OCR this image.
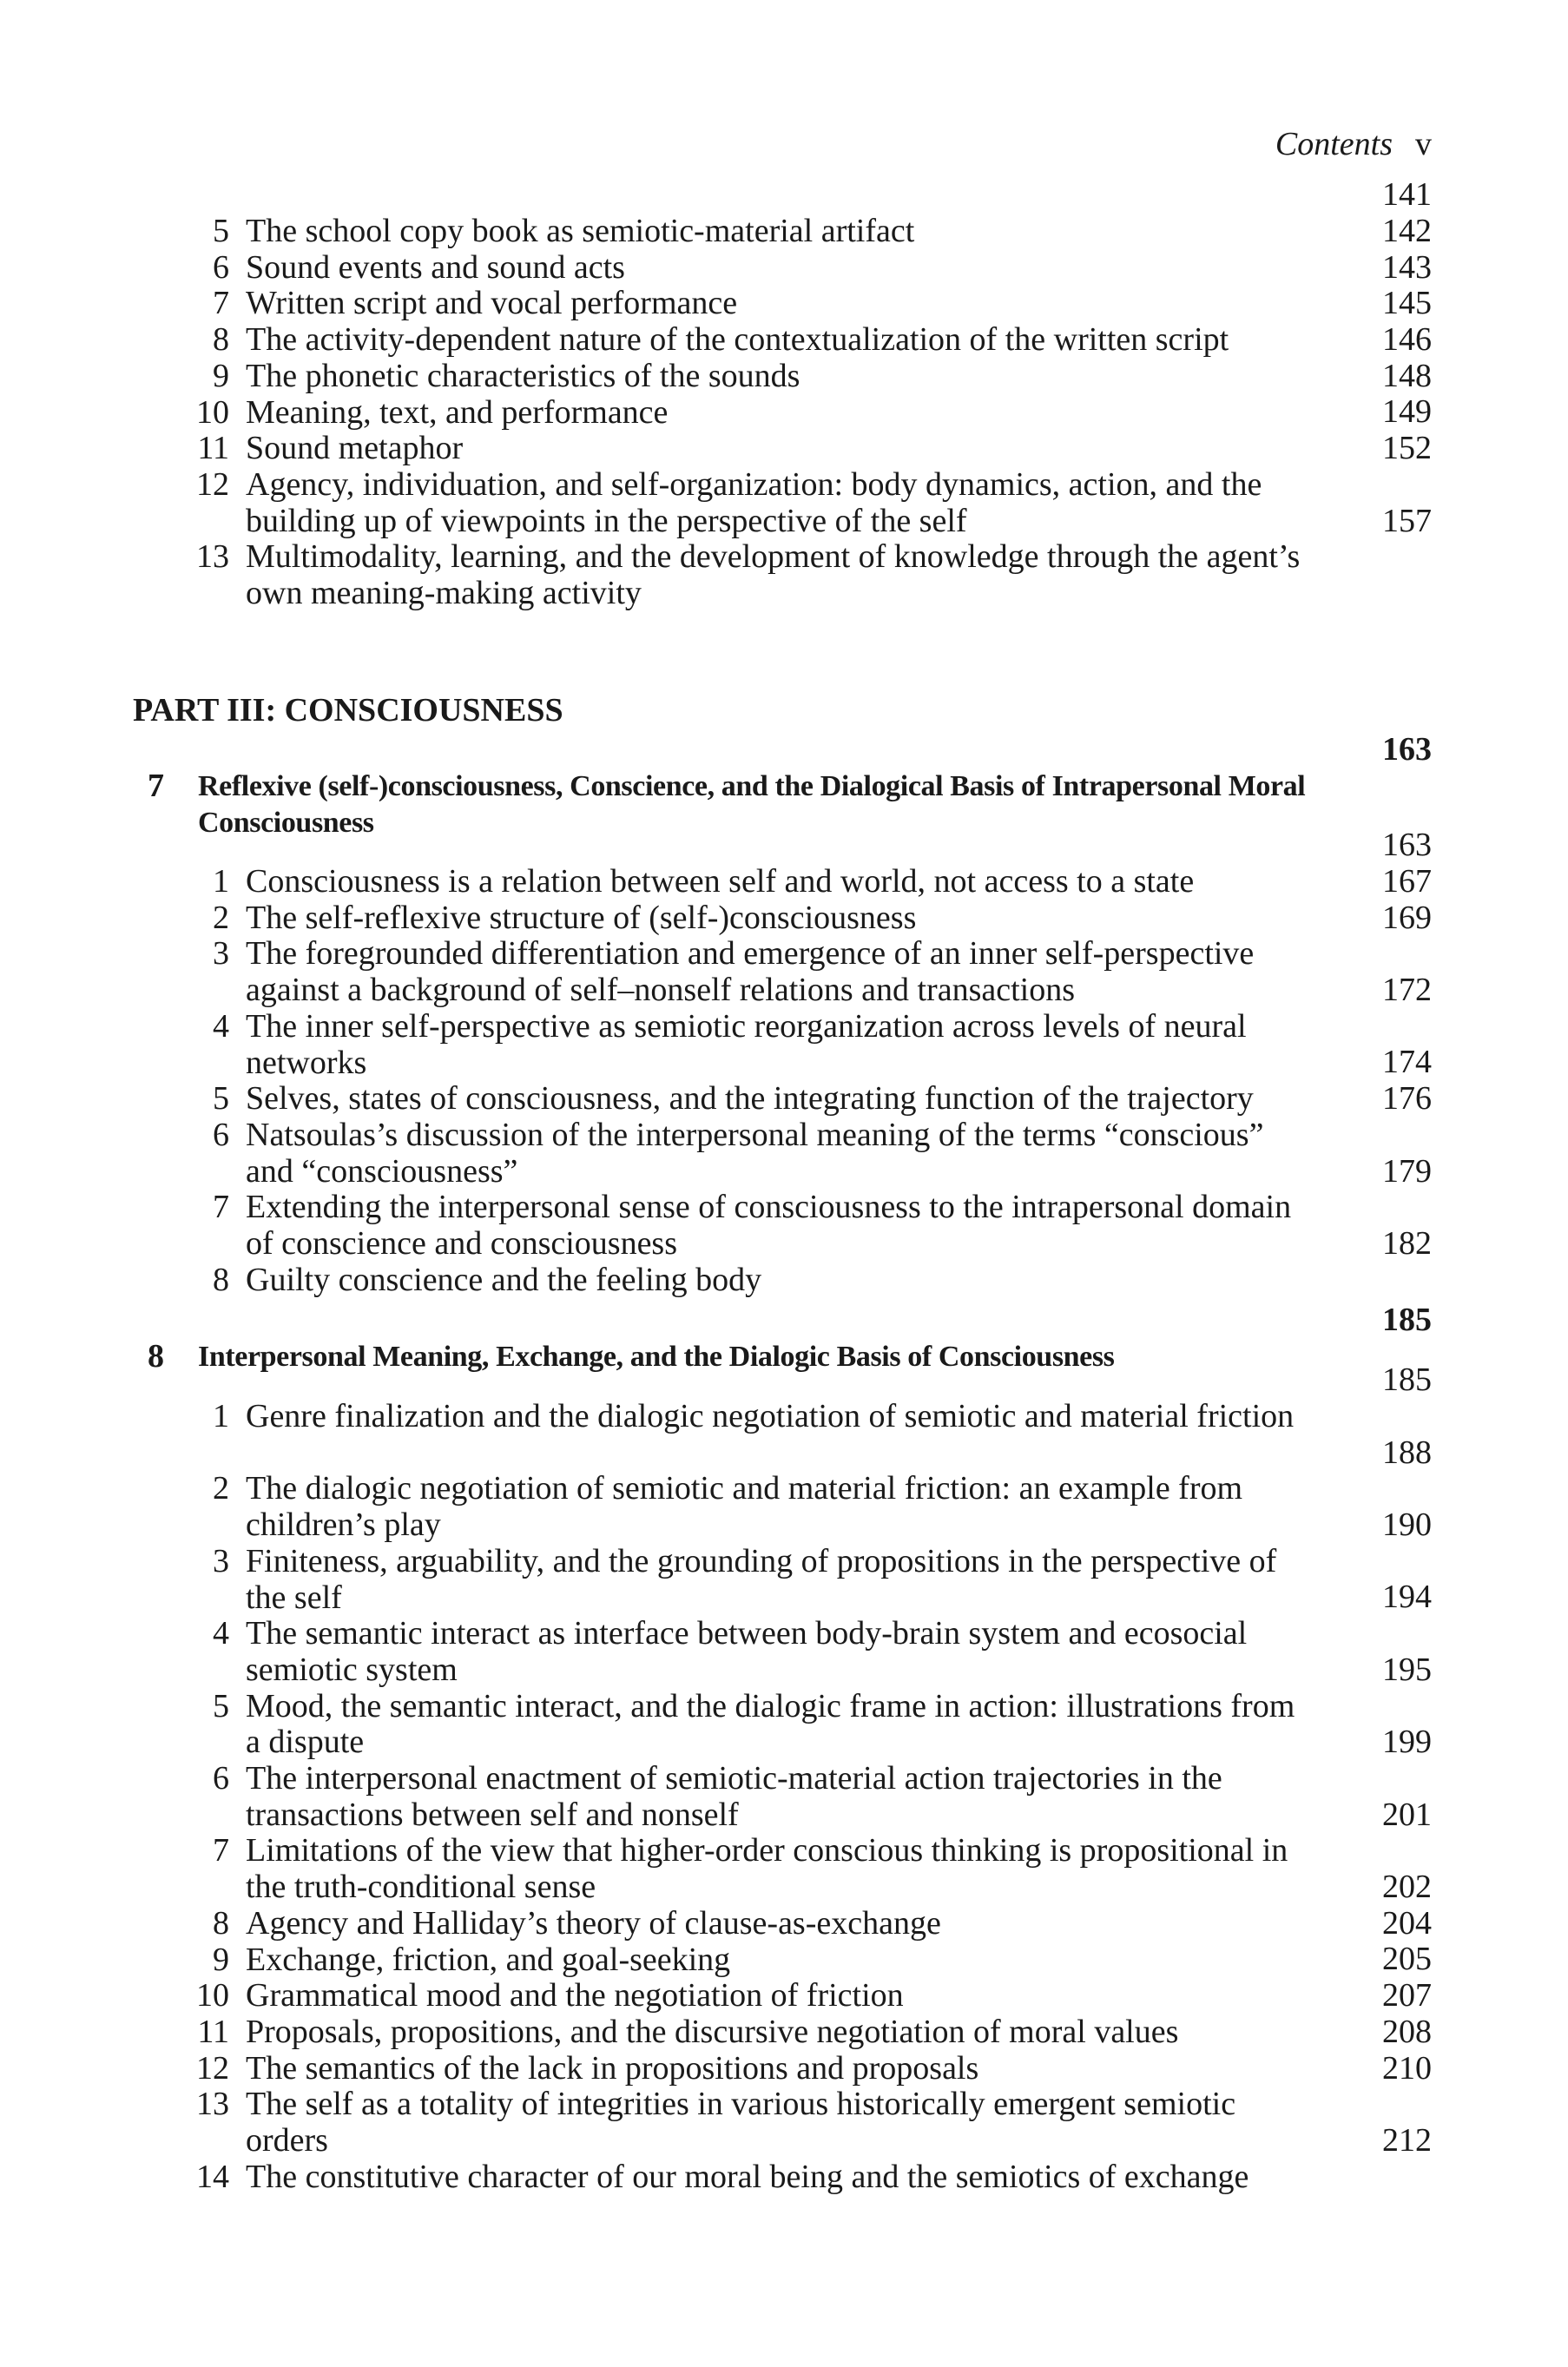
Contents v
5 The school copy book as semiotic-material artifact
141
6 Sound events and sound acts
142
7 Written script and vocal performance
143
8 The activity-dependent nature of the contextualization of the written script
145
9 The phonetic characteristics of the sounds
146
10 Meaning, text, and performance
148
11 Sound metaphor
149
12 Agency, individuation, and self-organization: body dynamics, action, and the building up of viewpoints in the perspective of the self
152
13 Multimodality, learning, and the development of knowledge through the agent’s own meaning-making activity
157
PART III: CONSCIOUSNESS
7 Reflexive (self-)consciousness, Conscience, and the Dialogical Basis of Intrapersonal Moral Consciousness
163
1 Consciousness is a relation between self and world, not access to a state
163
2 The self-reflexive structure of (self-)consciousness
167
3 The foregrounded differentiation and emergence of an inner self-perspective against a background of self–nonself relations and transactions
169
4 The inner self-perspective as semiotic reorganization across levels of neural networks
172
5 Selves, states of consciousness, and the integrating function of the trajectory
174
6 Natsoulas’s discussion of the interpersonal meaning of the terms “conscious” and “consciousness”
176
7 Extending the interpersonal sense of consciousness to the intrapersonal domain of conscience and consciousness
179
8 Guilty conscience and the feeling body
182
8 Interpersonal Meaning, Exchange, and the Dialogic Basis of Consciousness
185
1 Genre finalization and the dialogic negotiation of semiotic and material friction
185
2 The dialogic negotiation of semiotic and material friction: an example from children’s play
188
3 Finiteness, arguability, and the grounding of propositions in the perspective of the self
190
4 The semantic interact as interface between body-brain system and ecosocial semiotic system
194
5 Mood, the semantic interact, and the dialogic frame in action: illustrations from a dispute
195
6 The interpersonal enactment of semiotic-material action trajectories in the transactions between self and nonself
199
7 Limitations of the view that higher-order conscious thinking is propositional in the truth-conditional sense
201
8 Agency and Halliday’s theory of clause-as-exchange
202
9 Exchange, friction, and goal-seeking
204
10 Grammatical mood and the negotiation of friction
205
11 Proposals, propositions, and the discursive negotiation of moral values
207
12 The semantics of the lack in propositions and proposals
208
13 The self as a totality of integrities in various historically emergent semiotic orders
210
14 The constitutive character of our moral being and the semiotics of exchange
212
